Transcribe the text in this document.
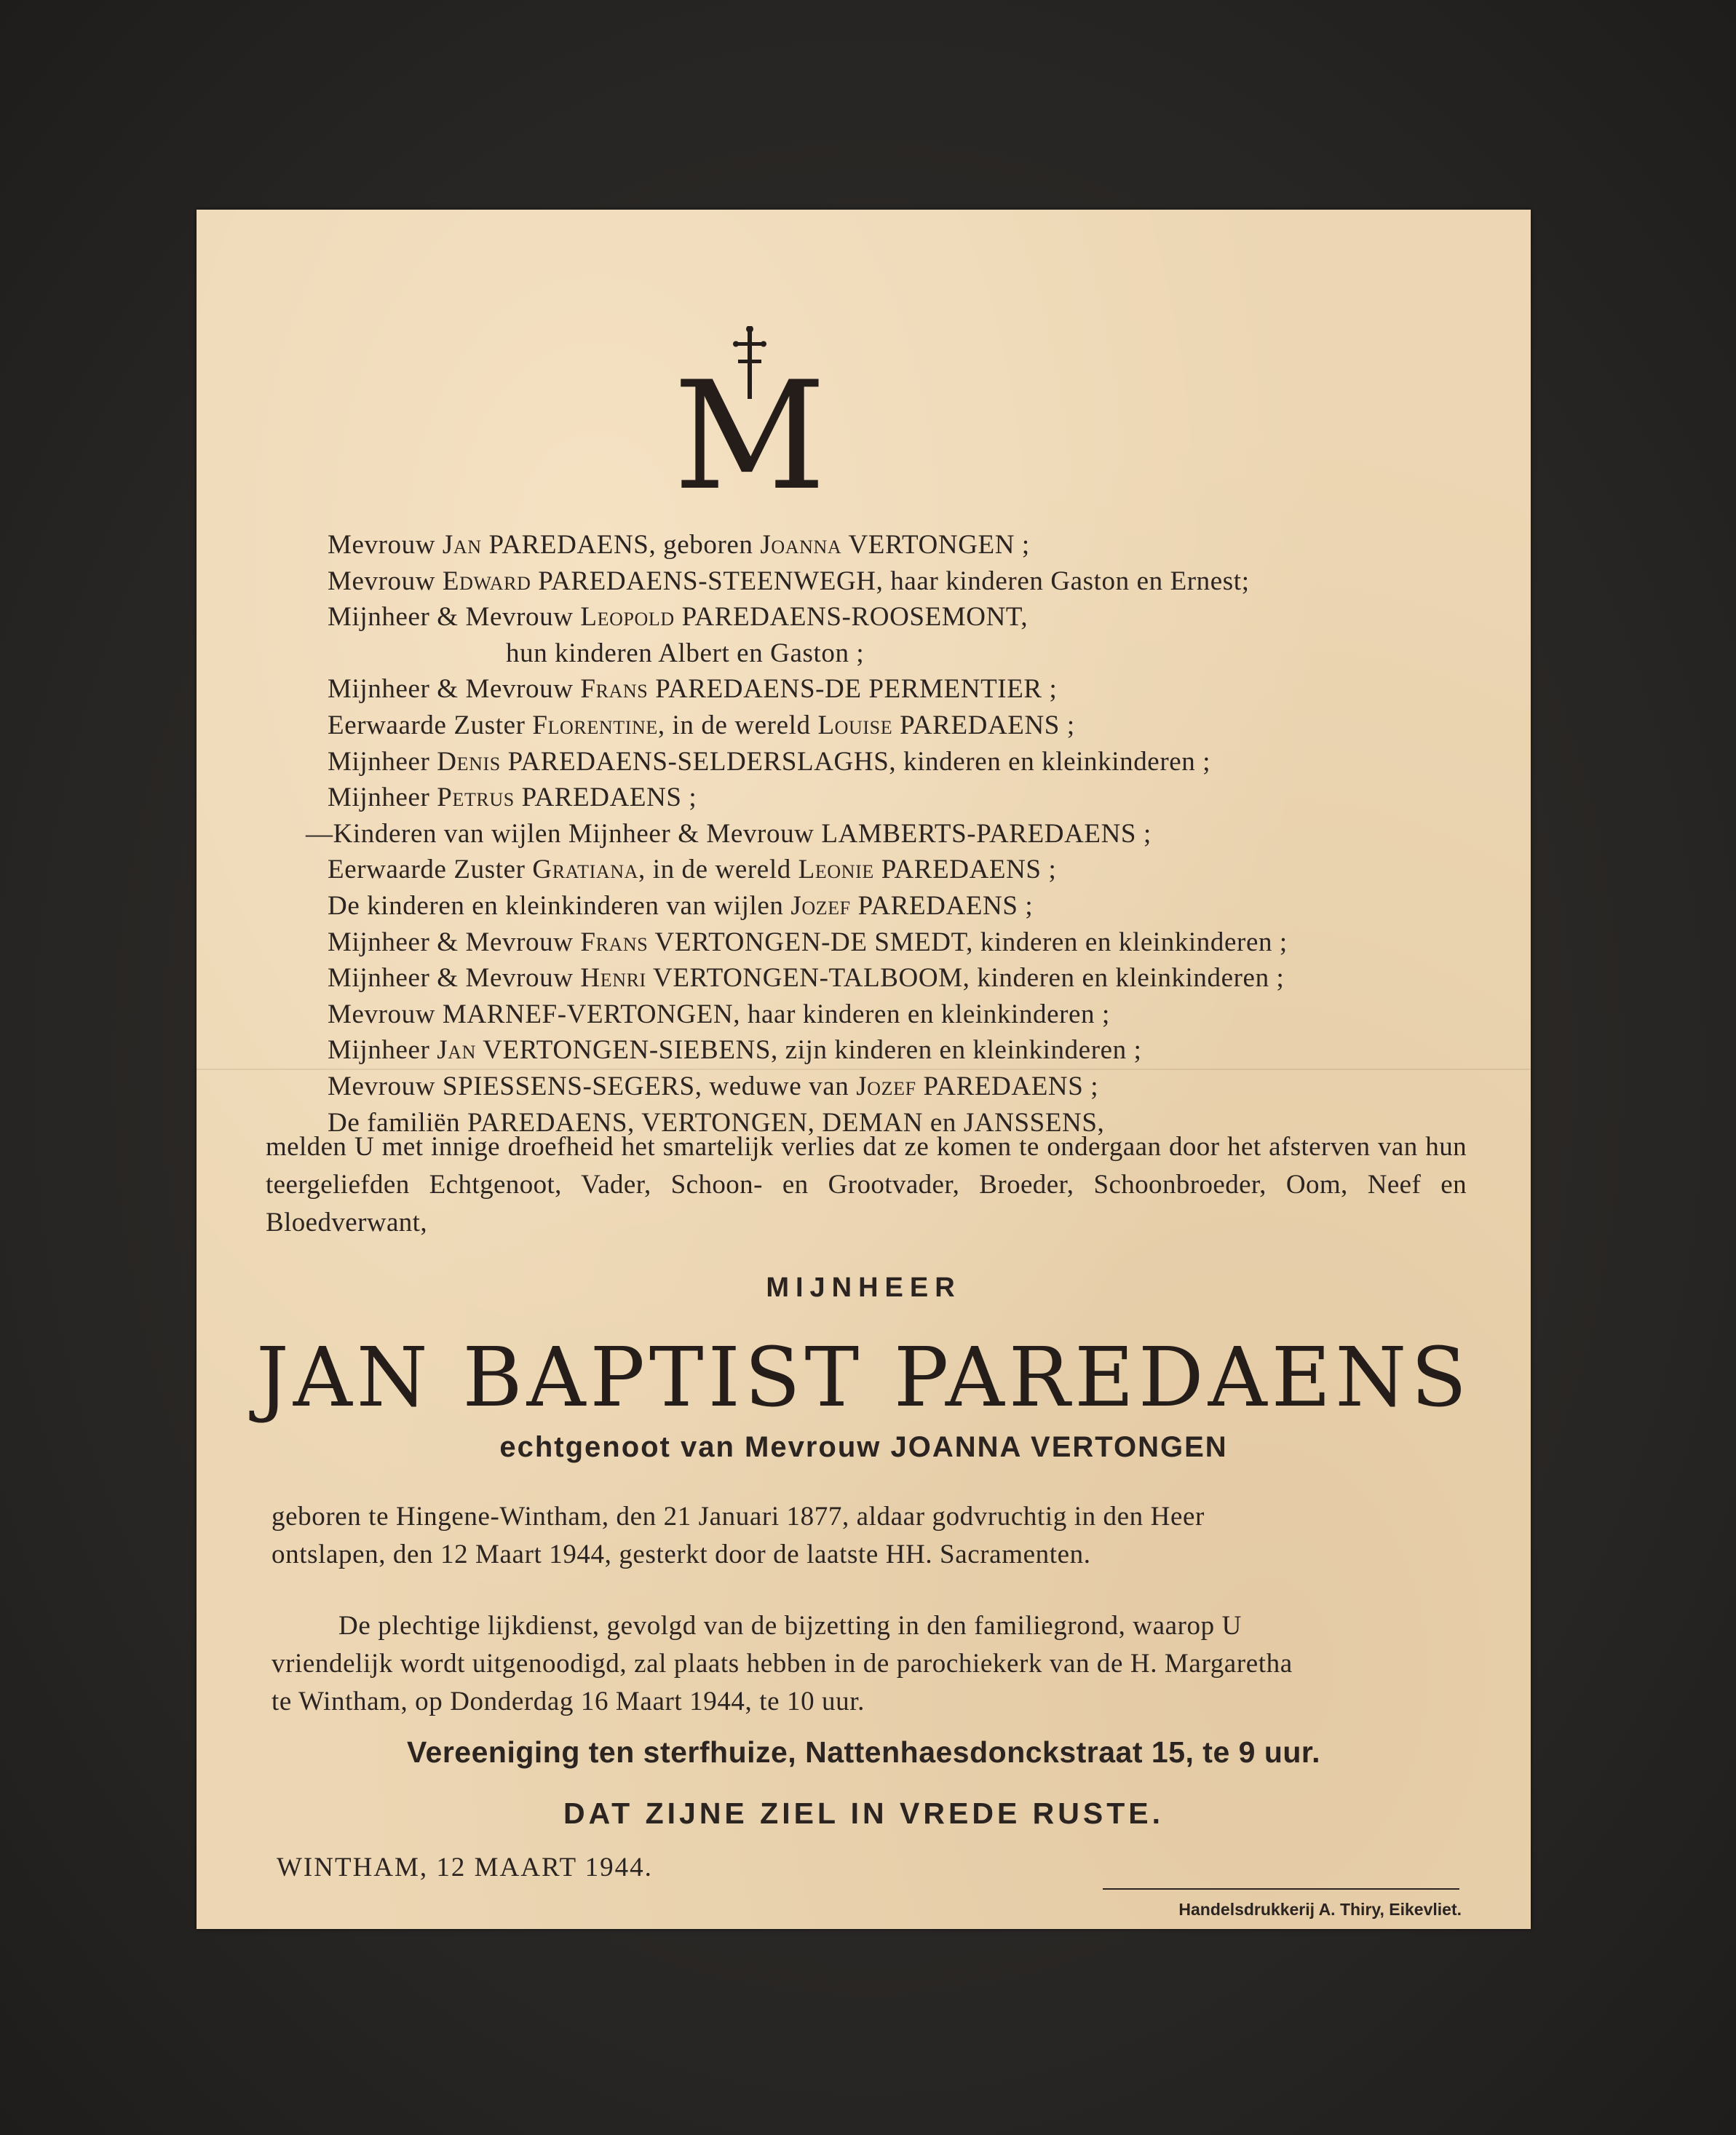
M
Mevrouw Jan PAREDAENS, geboren Joanna VERTONGEN ;
Mevrouw Edward PAREDAENS-STEENWEGH, haar kinderen Gaston en Ernest;
Mijnheer & Mevrouw Leopold PAREDAENS-ROOSEMONT,
hun kinderen Albert en Gaston ;
Mijnheer & Mevrouw Frans PAREDAENS-DE PERMENTIER ;
Eerwaarde Zuster Florentine, in de wereld Louise PAREDAENS ;
Mijnheer Denis PAREDAENS-SELDERSLAGHS, kinderen en kleinkinderen ;
Mijnheer Petrus PAREDAENS ;
—Kinderen van wijlen Mijnheer & Mevrouw LAMBERTS-PAREDAENS ;
Eerwaarde Zuster Gratiana, in de wereld Leonie PAREDAENS ;
De kinderen en kleinkinderen van wijlen Jozef PAREDAENS ;
Mijnheer & Mevrouw Frans VERTONGEN-DE SMEDT, kinderen en kleinkinderen ;
Mijnheer & Mevrouw Henri VERTONGEN-TALBOOM, kinderen en kleinkinderen ;
Mevrouw MARNEF-VERTONGEN, haar kinderen en kleinkinderen ;
Mijnheer Jan VERTONGEN-SIEBENS, zijn kinderen en kleinkinderen ;
Mevrouw SPIESSENS-SEGERS, weduwe van Jozef PAREDAENS ;
De familiën PAREDAENS, VERTONGEN, DEMAN en JANSSENS,
melden U met innige droefheid het smartelijk verlies dat ze komen te ondergaan door het afsterven van hun teergeliefden Echtgenoot, Vader, Schoon- en Grootvader, Broeder, Schoonbroeder, Oom, Neef en Bloedverwant,
MIJNHEER
JAN BAPTIST PAREDAENS
echtgenoot van Mevrouw JOANNA VERTONGEN
geboren te Hingene-Wintham, den 21 Januari 1877, aldaar godvruchtig in den Heer
ontslapen, den 12 Maart 1944, gesterkt door de laatste HH. Sacramenten.
De plechtige lijkdienst, gevolgd van de bijzetting in den familiegrond, waarop U
vriendelijk wordt uitgenoodigd, zal plaats hebben in de parochiekerk van de H. Margaretha
te Wintham, op Donderdag 16 Maart 1944, te 10 uur.
Vereeniging ten sterfhuize, Nattenhaesdonckstraat 15, te 9 uur.
DAT ZIJNE ZIEL IN VREDE RUSTE.
WINTHAM, 12 MAART 1944.
Handelsdrukkerij A. Thiry, Eikevliet.
